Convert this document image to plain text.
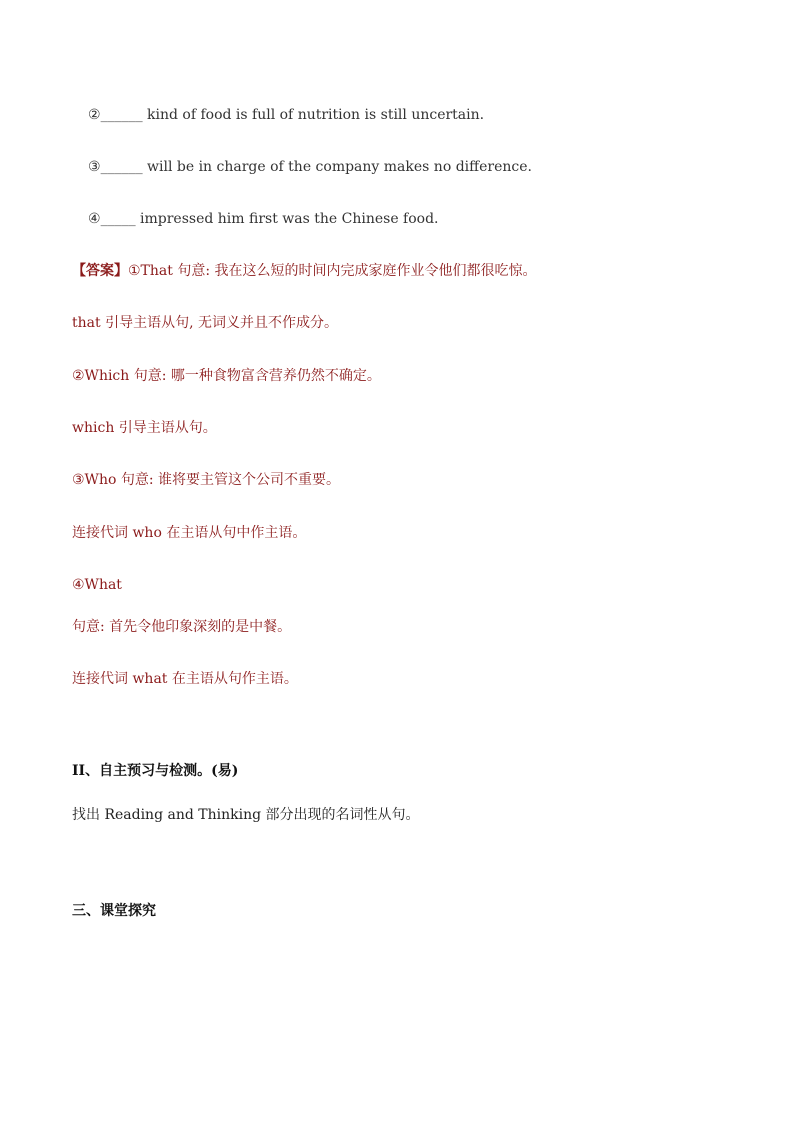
②______ kind of food is full of nutrition is still uncertain.
③______ will be in charge of the company makes no difference.
④_____ impressed him first was the Chinese food.
【答案】①That 句意: 我在这么短的时间内完成家庭作业令他们都很吃惊。
that 引导主语从句, 无词义并且不作成分。
②Which 句意: 哪一种食物富含营养仍然不确定。
which 引导主语从句。
③Who 句意: 谁将要主管这个公司不重要。
连接代词 who 在主语从句中作主语。
④What
句意: 首先令他印象深刻的是中餐。
连接代词 what 在主语从句作主语。
II、自主预习与检测。(易)
找出 Reading and Thinking 部分出现的名词性从句。
三、课堂探究
